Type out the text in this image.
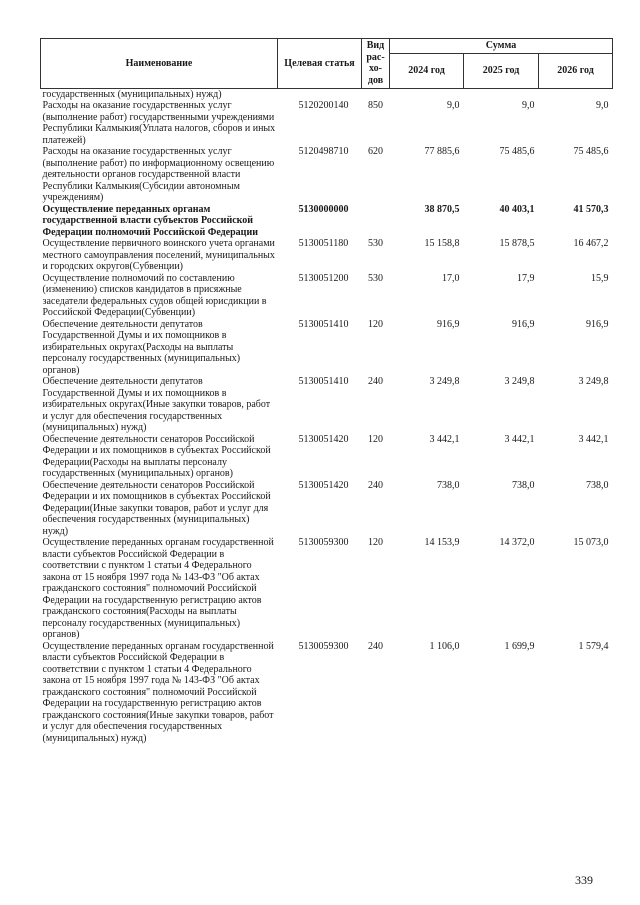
Наименование	Целевая статья	Вид рас-хо-дов	Сумма		
			2024 год	2025 год	2026 год
государственных (муниципальных) нужд)					
Расходы на оказание государственных услуг (выполнение работ) государственными учреждениями Республики Калмыкия(Уплата налогов, сборов и иных платежей)	5120200140	850	9,0	9,0	9,0
Расходы на оказание государственных услуг (выполнение работ) по информационному освещению деятельности органов государственной власти Республики Калмыкия(Субсидии автономным учреждениям)	5120498710	620	77 885,6	75 485,6	75 485,6
Осуществление переданных органам государственной власти субъектов Российской Федерации полномочий Российской Федерации	5130000000		38 870,5	40 403,1	41 570,3
Осуществление первичного воинского учета органами местного самоуправления поселений, муниципальных и городских округов(Субвенции)	5130051180	530	15 158,8	15 878,5	16 467,2
Осуществление полномочий по составлению (изменению) списков кандидатов в присяжные заседатели федеральных судов общей юрисдикции в Российской Федерации(Субвенции)	5130051200	530	17,0	17,9	15,9
Обеспечение деятельности депутатов Государственной Думы и их помощников в избирательных округах(Расходы на выплаты персоналу государственных (муниципальных) органов)	5130051410	120	916,9	916,9	916,9
Обеспечение деятельности депутатов Государственной Думы и их помощников в избирательных округах(Иные закупки товаров, работ и услуг для обеспечения государственных (муниципальных) нужд)	5130051410	240	3 249,8	3 249,8	3 249,8
Обеспечение деятельности сенаторов Российской Федерации и их помощников в субъектах Российской Федерации(Расходы на выплаты персоналу государственных (муниципальных) органов)	5130051420	120	3 442,1	3 442,1	3 442,1
Обеспечение деятельности сенаторов Российской Федерации и их помощников в субъектах Российской Федерации(Иные закупки товаров, работ и услуг для обеспечения государственных (муниципальных) нужд)	5130051420	240	738,0	738,0	738,0
Осуществление переданных органам государственной власти субъектов Российской Федерации в соответствии с пунктом 1 статьи 4 Федерального закона от 15 ноября 1997 года № 143-ФЗ "Об актах гражданского состояния" полномочий Российской Федерации на государственную регистрацию актов гражданского состояния(Расходы на выплаты персоналу государственных (муниципальных) органов)	5130059300	120	14 153,9	14 372,0	15 073,0
Осуществление переданных органам государственной власти субъектов Российской Федерации в соответствии с пунктом 1 статьи 4 Федерального закона от 15 ноября 1997 года № 143-ФЗ "Об актах гражданского состояния" полномочий Российской Федерации на государственную регистрацию актов гражданского состояния(Иные закупки товаров, работ и услуг для обеспечения государственных (муниципальных) нужд)	5130059300	240	1 106,0	1 699,9	1 579,4
339
